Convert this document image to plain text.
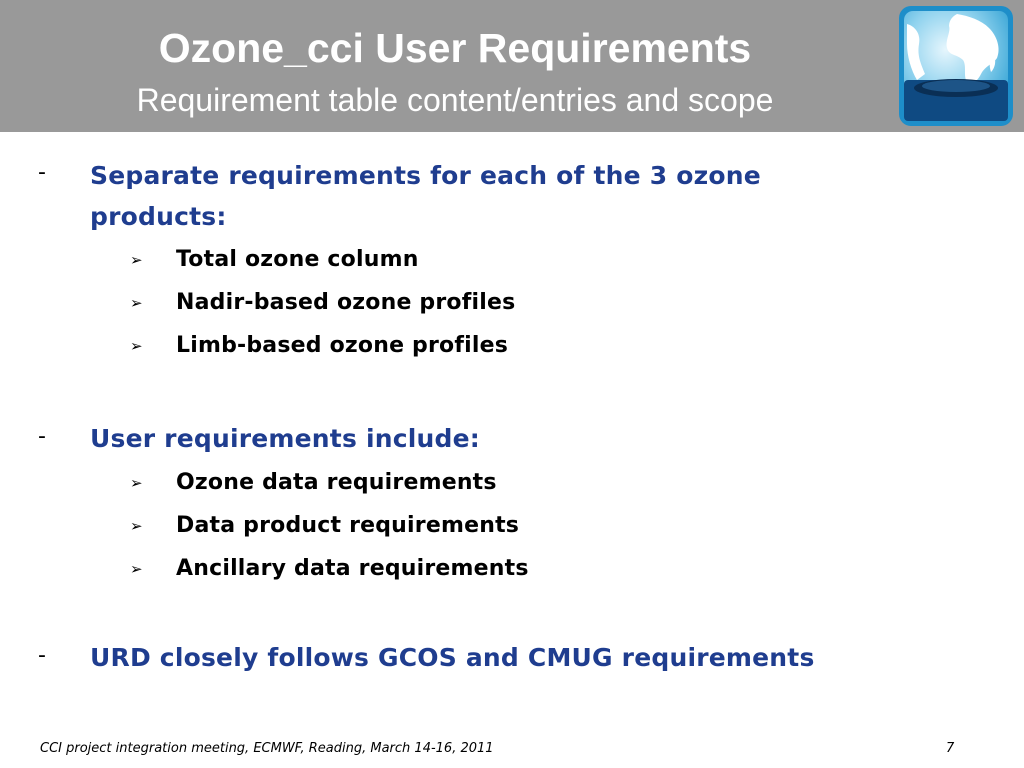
Ozone_cci User Requirements
Requirement table content/entries and scope
- Separate requirements for each of the 3 ozone
products:
➢ Total ozone column
➢ Nadir-based ozone profiles
➢ Limb-based ozone profiles
- User requirements include:
➢ Ozone data requirements
➢ Data product requirements
➢ Ancillary data requirements
- URD closely follows GCOS and CMUG requirements
CCI project integration meeting, ECMWF, Reading, March 14-16, 2011	7
